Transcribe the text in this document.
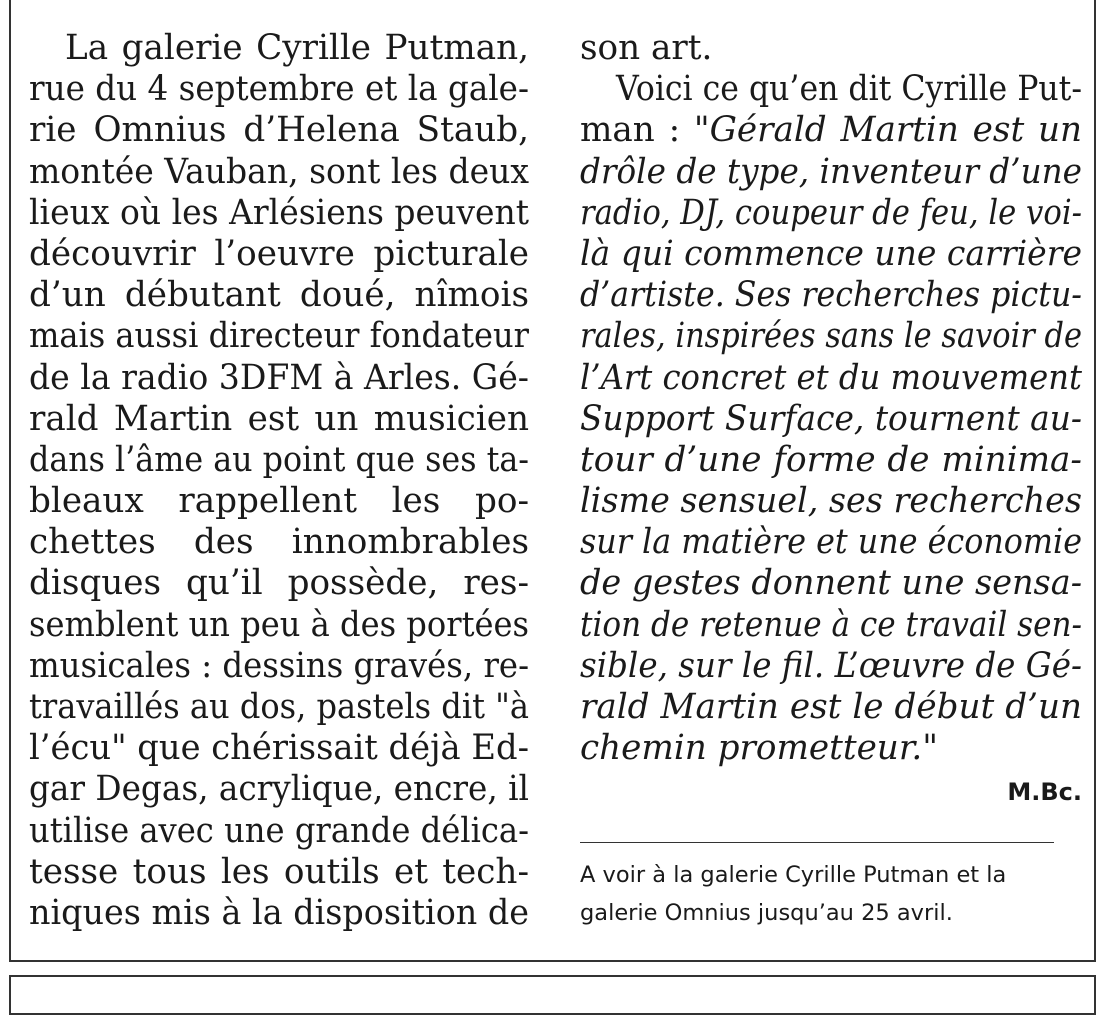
La galerie Cyrille Putman,
rue du 4 septembre et la gale-
rie Omnius d’Helena Staub,
montée Vauban, sont les deux
lieux où les Arlésiens peuvent
découvrir l’oeuvre picturale
d’un débutant doué, nîmois
mais aussi directeur fondateur
de la radio 3DFM à Arles. Gé-
rald Martin est un musicien
dans l’âme au point que ses ta-
bleaux rappellent les po-
chettes des innombrables
disques qu’il possède, res-
semblent un peu à des portées
musicales : dessins gravés, re-
travaillés au dos, pastels dit "à
l’écu" que chérissait déjà Ed-
gar Degas, acrylique, encre, il
utilise avec une grande délica-
tesse tous les outils et tech-
niques mis à la disposition de
son art.
Voici ce qu’en dit Cyrille Put-
man : "Gérald Martin est un
drôle de type, inventeur d’une
radio, DJ, coupeur de feu, le voi-
là qui commence une carrière
d’artiste. Ses recherches pictu-
rales, inspirées sans le savoir de
l’Art concret et du mouvement
Support Surface, tournent au-
tour d’une forme de minima-
lisme sensuel, ses recherches
sur la matière et une économie
de gestes donnent une sensa-
tion de retenue à ce travail sen-
sible, sur le fil. L’œuvre de Gé-
rald Martin est le début d’un
chemin prometteur."
M.Bc.
A voir à la galerie Cyrille Putman et la
galerie Omnius jusqu’au 25 avril.
